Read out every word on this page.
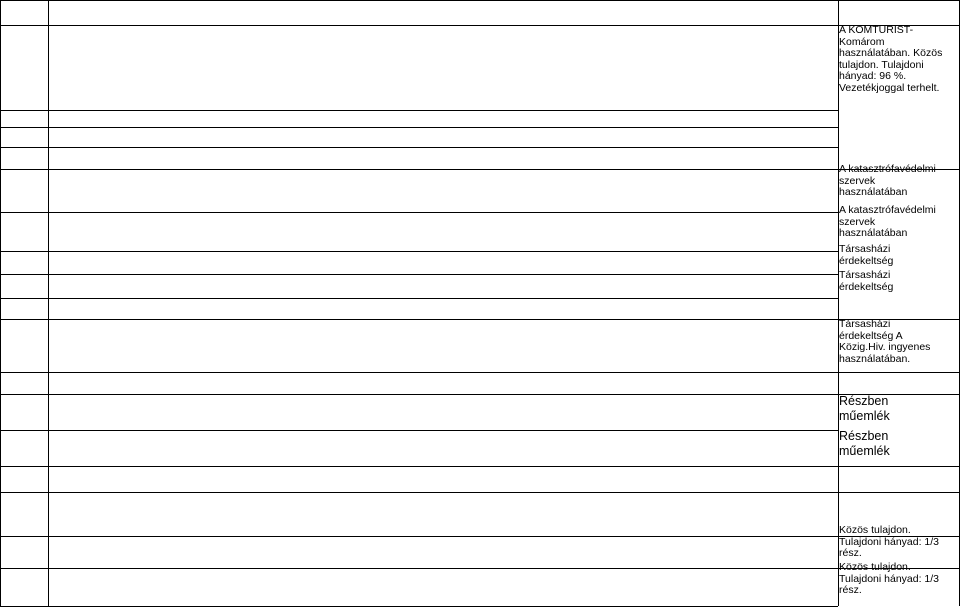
A KOMTURIST-
Komárom
használatában. Közös
tulajdon. Tulajdoni
hányad: 96 %.
Vezetékjoggal terhelt.
A katasztrófavédelmi
szervek
használatában
A katasztrófavédelmi
szervek
használatában
Társasházi
érdekeltség
Társasházi
érdekeltség
Társasházi
érdekeltség A
Közig.Hiv. ingyenes
használatában.
Részben
műemlék
Részben
műemlék
Közös tulajdon.
Tulajdoni hányad: 1/3
rész.
Közös tulajdon.
Tulajdoni hányad: 1/3
rész.
